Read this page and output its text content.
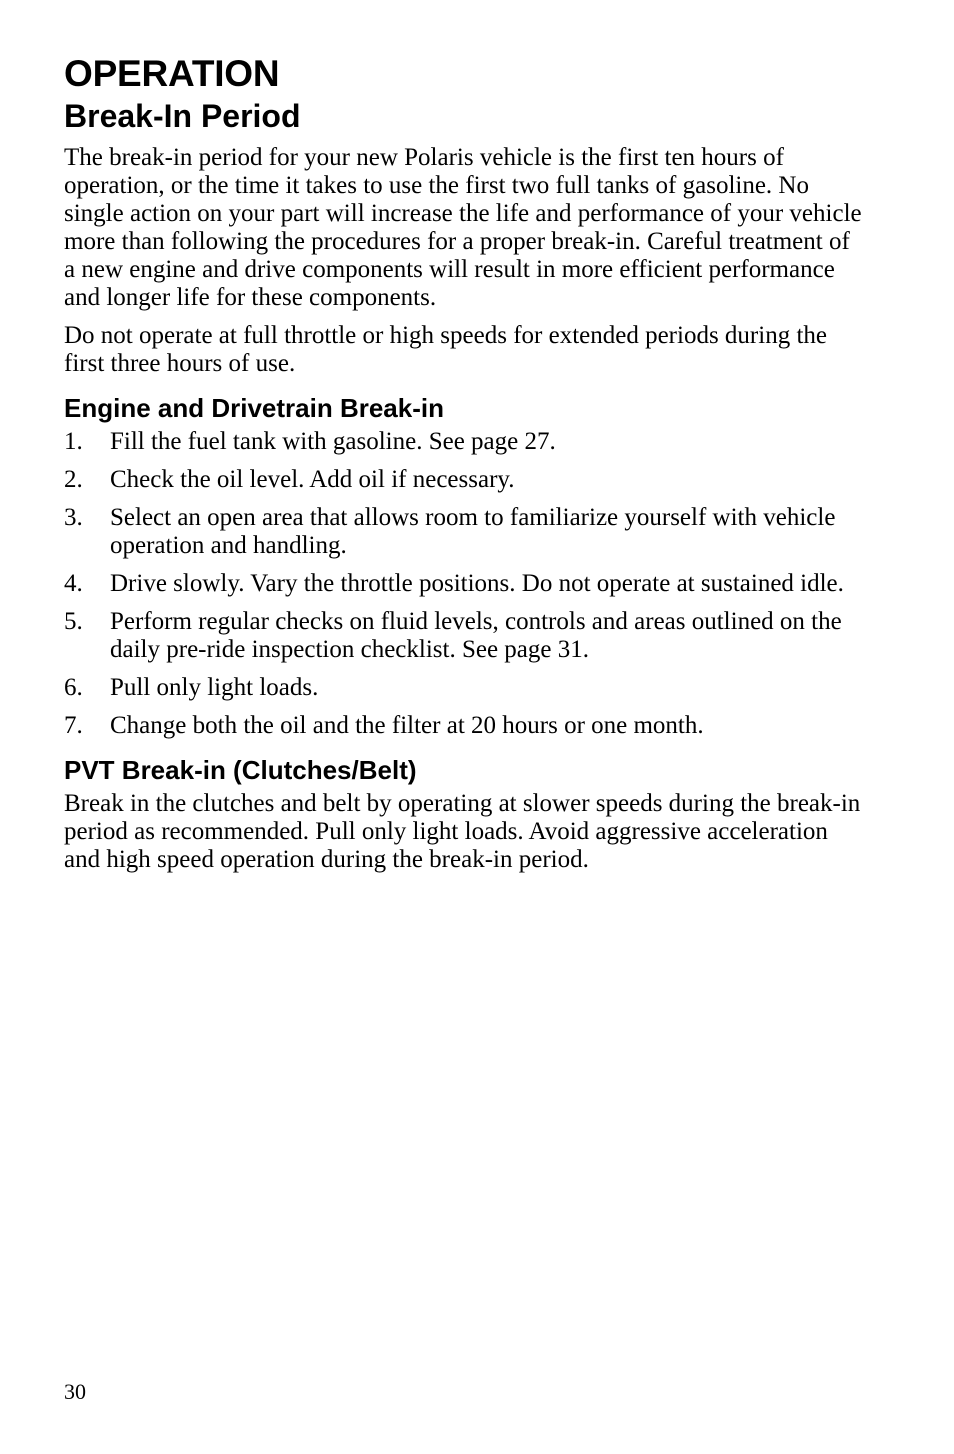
OPERATION
Break-In Period

The break-in period for your new Polaris vehicle is the first ten hours of operation, or the time it takes to use the first two full tanks of gasoline. No single action on your part will increase the life and performance of your vehicle more than following the procedures for a proper break-in. Careful treatment of a new engine and drive components will result in more efficient performance and longer life for these components.

Do not operate at full throttle or high speeds for extended periods during the first three hours of use.

Engine and Drivetrain Break-in
1. Fill the fuel tank with gasoline. See page 27.
2. Check the oil level. Add oil if necessary.
3. Select an open area that allows room to familiarize yourself with vehicle operation and handling.
4. Drive slowly. Vary the throttle positions. Do not operate at sustained idle.
5. Perform regular checks on fluid levels, controls and areas outlined on the daily pre-ride inspection checklist. See page 31.
6. Pull only light loads.
7. Change both the oil and the filter at 20 hours or one month.
PVT Break-in (Clutches/Belt)

Break in the clutches and belt by operating at slower speeds during the break-in period as recommended. Pull only light loads. Avoid aggressive acceleration and high speed operation during the break-in period.

30
